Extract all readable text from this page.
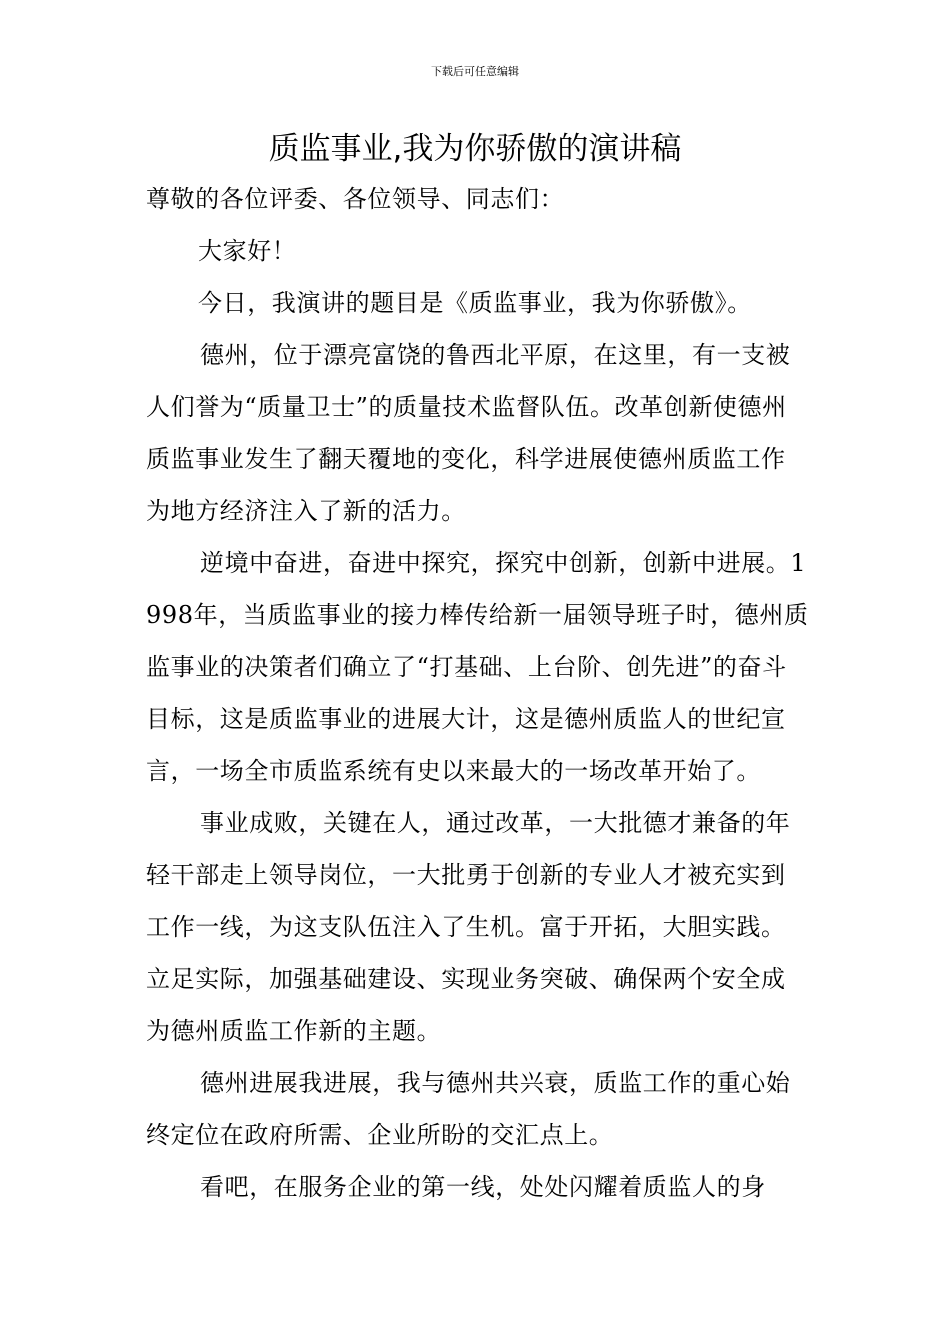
下载后可任意编辑
质监事业,我为你骄傲的演讲稿

尊敬的各位评委、各位领导、同志们：

大家好！

今日，我演讲的题目是《质监事业，我为你骄傲》。

德州，位于漂亮富饶的鲁西北平原，在这里，有一支被人们誉为“质量卫士”的质量技术监督队伍。改革创新使德州质监事业发生了翻天覆地的变化，科学进展使德州质监工作为地方经济注入了新的活力。

逆境中奋进，奋进中探究，探究中创新，创新中进展。1998年，当质监事业的接力棒传给新一届领导班子时，德州质监事业的决策者们确立了“打基础、上台阶、创先进”的奋斗目标，这是质监事业的进展大计，这是德州质监人的世纪宣言，一场全市质监系统有史以来最大的一场改革开始了。

事业成败，关键在人，通过改革，一大批德才兼备的年轻干部走上领导岗位，一大批勇于创新的专业人才被充实到工作一线，为这支队伍注入了生机。富于开拓，大胆实践。立足实际，加强基础建设、实现业务突破、确保两个安全成为德州质监工作新的主题。

德州进展我进展，我与德州共兴衰，质监工作的重心始终定位在政府所需、企业所盼的交汇点上。

看吧，在服务企业的第一线，处处闪耀着质监人的身
